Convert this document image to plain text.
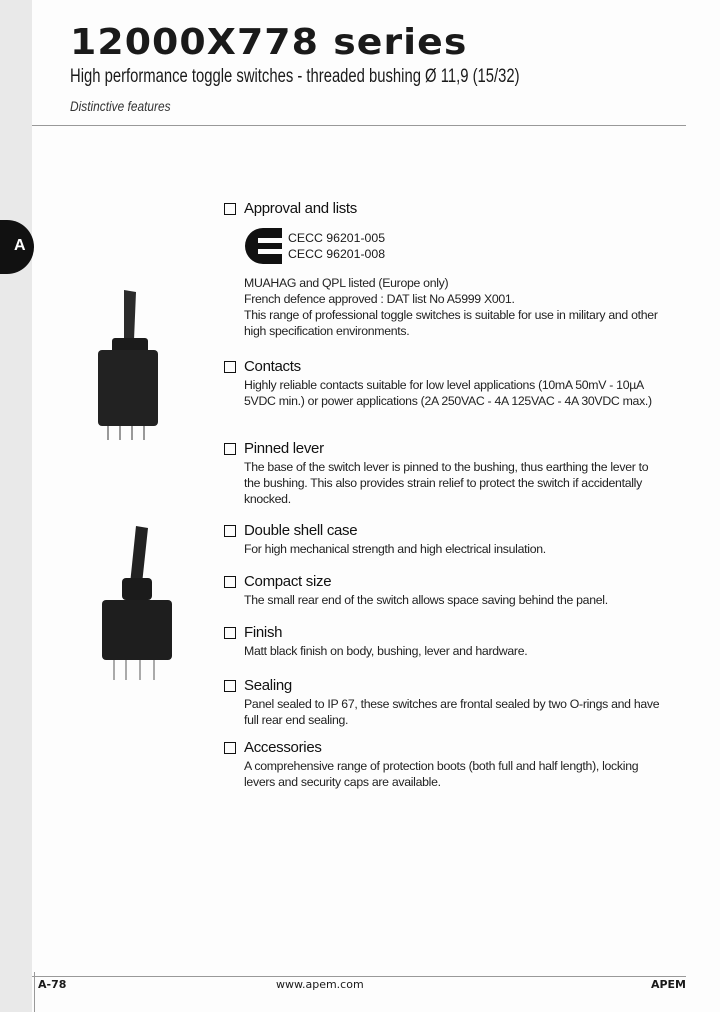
A
12000X778 series
High performance toggle switches - threaded bushing Ø 11,9 (15/32)
Distinctive features
Approval and lists
CECC 96201-005
CECC 96201-008

MUAHAG and QPL listed (Europe only)
French defence approved : DAT list No A5999 X001.
This range of professional toggle switches is suitable for use in military and other high specification environments.

Contacts

Highly reliable contacts suitable for low level applications (10mA 50mV - 10µA 5VDC min.) or power applications (2A 250VAC - 4A 125VAC - 4A 30VDC max.)

Pinned lever

The base of the switch lever is pinned to the bushing, thus earthing the lever to the bushing. This also provides strain relief to protect the switch if accidentally knocked.

Double shell case

For high mechanical strength and high electrical insulation.

Compact size

The small rear end of the switch allows space saving behind the panel.

Finish

Matt black finish on body, bushing, lever and hardware.

Sealing

Panel sealed to IP 67, these switches are frontal sealed by two O-rings and have full rear end sealing.

Accessories

A comprehensive range of protection boots (both full and half length), locking levers and security caps are available.

A-78	www.apem.com	APEM
